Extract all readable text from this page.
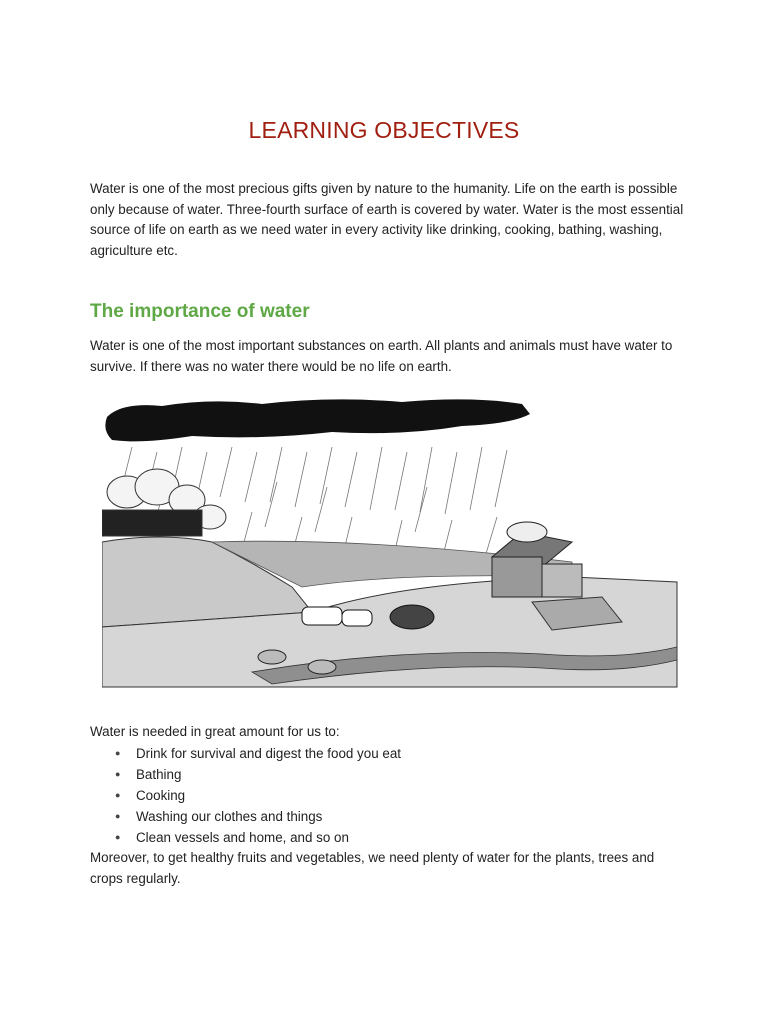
LEARNING OBJECTIVES
Water is one of the most precious gifts given by nature to the humanity. Life on the earth is possible only because of water. Three-fourth surface of earth is covered by water. Water is the most essential source of life on earth as we need water in every activity like drinking, cooking, bathing, washing, agriculture etc.
The importance of water
Water is one of the most important substances on earth. All plants and animals must have water to survive. If there was no water there would be no life on earth.
Water is needed in great amount for us to:
● Drink for survival and digest the food you eat
● Bathing
● Cooking
● Washing our clothes and things
● Clean vessels and home, and so on
Moreover, to get healthy fruits and vegetables, we need plenty of water for the plants, trees and crops regularly.
